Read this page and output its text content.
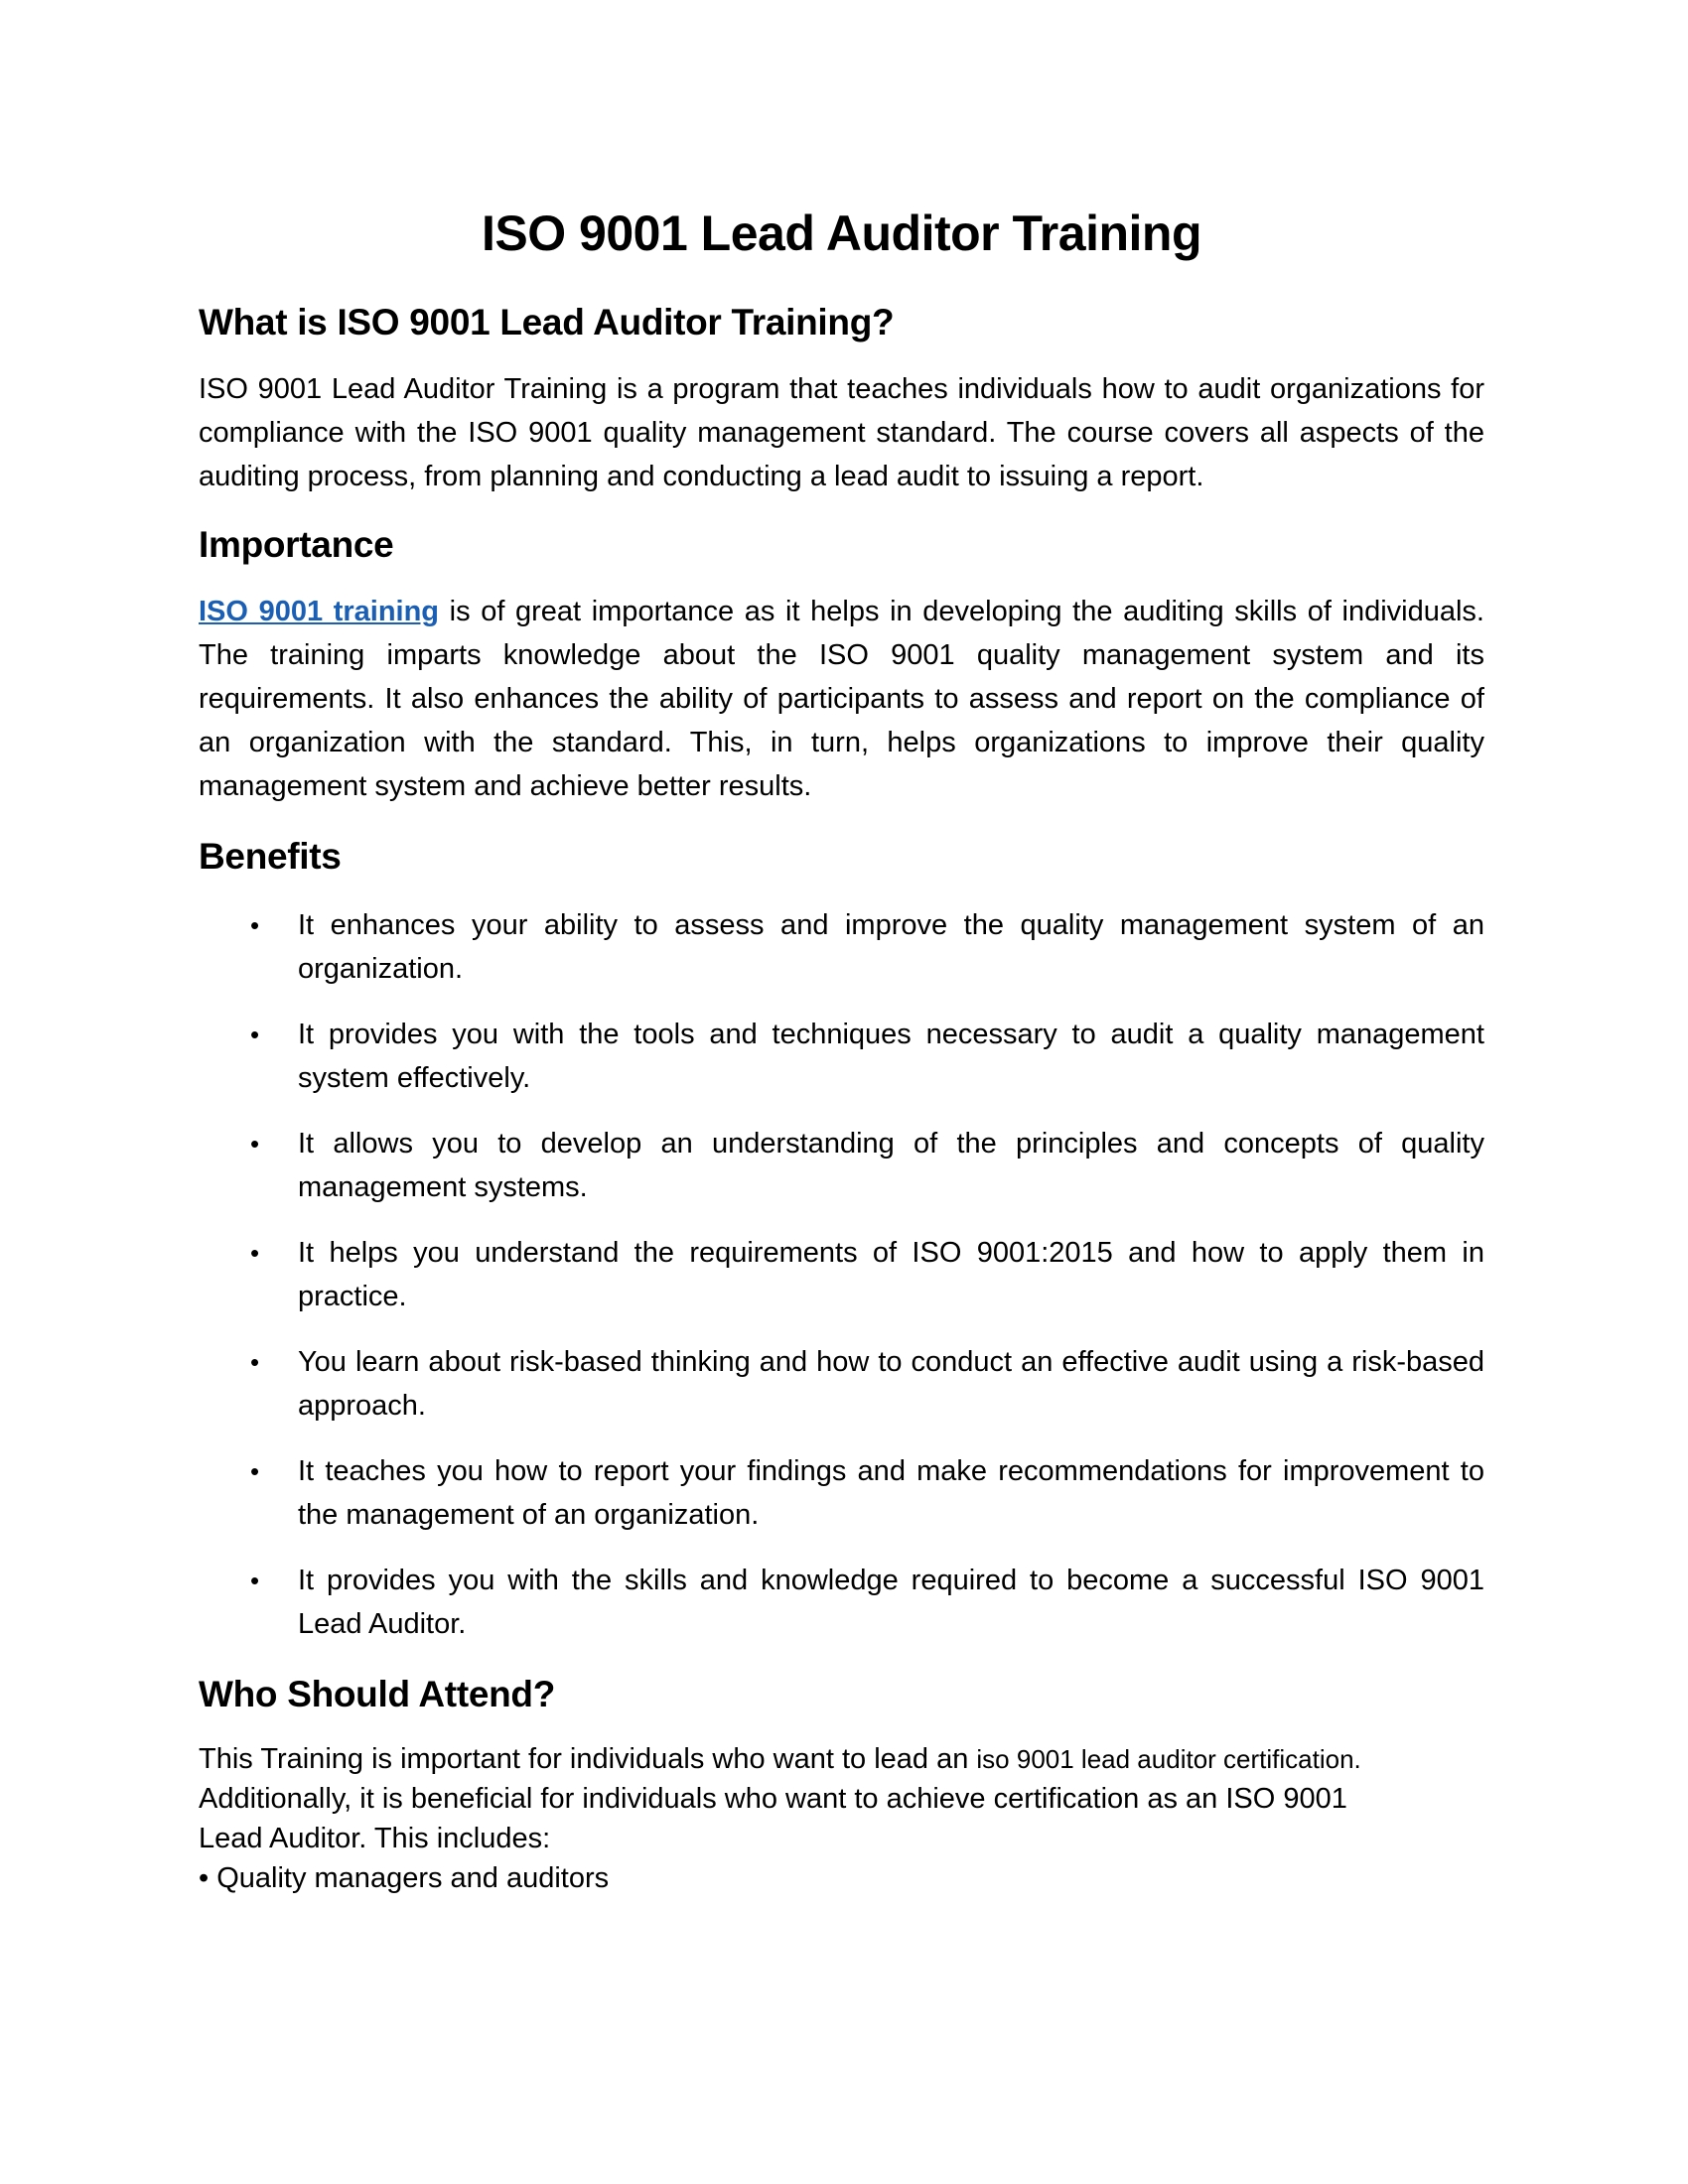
ISO 9001 Lead Auditor Training
What is ISO 9001 Lead Auditor Training?

ISO 9001 Lead Auditor Training is a program that teaches individuals how to audit organizations for compliance with the ISO 9001 quality management standard. The course covers all aspects of the auditing process, from planning and conducting a lead audit to issuing a report.

Importance

ISO 9001 training is of great importance as it helps in developing the auditing skills of individuals. The training imparts knowledge about the ISO 9001 quality management system and its requirements. It also enhances the ability of participants to assess and report on the compliance of an organization with the standard. This, in turn, helps organizations to improve their quality management system and achieve better results.

Benefits
• It enhances your ability to assess and improve the quality management system of an organization.
• It provides you with the tools and techniques necessary to audit a quality management system effectively.
• It allows you to develop an understanding of the principles and concepts of quality management systems.
• It helps you understand the requirements of ISO 9001:2015 and how to apply them in practice.
• You learn about risk-based thinking and how to conduct an effective audit using a risk-based approach.
• It teaches you how to report your findings and make recommendations for improvement to the management of an organization.
• It provides you with the skills and knowledge required to become a successful ISO 9001 Lead Auditor.
Who Should Attend?
This Training is important for individuals who want to lead an iso 9001 lead auditor certification.
Additionally, it is beneficial for individuals who want to achieve certification as an ISO 9001
Lead Auditor. This includes:
• Quality managers and auditors
